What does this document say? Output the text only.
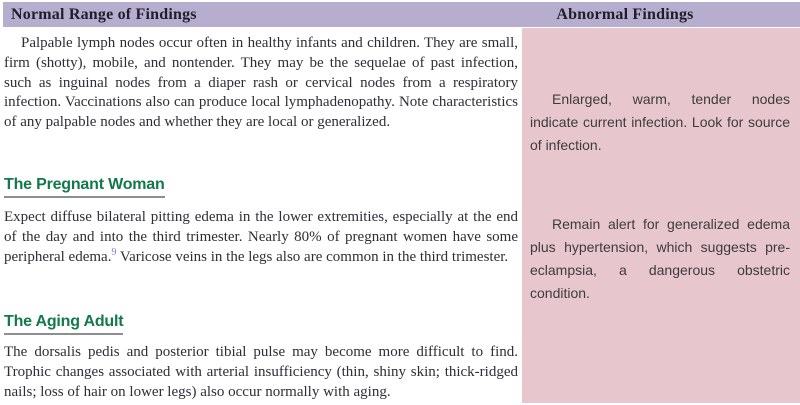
Normal Range of Findings	Abnormal Findings

Palpable lymph nodes occur often in healthy infants and children. They are small, firm (shotty), mobile, and nontender. They may be the sequelae of past infection, such as inguinal nodes from a diaper rash or cervical nodes from a respiratory infection. Vaccinations also can produce local lymphadenopathy. Note characteristics of any palpable nodes and whether they are local or generalized.

The Pregnant Woman

Expect diffuse bilateral pitting edema in the lower extremities, especially at the end of the day and into the third trimester. Nearly 80% of pregnant women have some peripheral edema.$^9$ Varicose veins in the legs also are common in the third trimester.

The Aging Adult

The dorsalis pedis and posterior tibial pulse may become more difficult to find. Trophic changes associated with arterial insufficiency (thin, shiny skin; thick-ridged nails; loss of hair on lower legs) also occur normally with aging.

Enlarged, warm, tender nodes indicate current infection. Look for source of infection.

Remain alert for generalized edema plus hypertension, which suggests pre-eclampsia, a dangerous obstetric condition.
